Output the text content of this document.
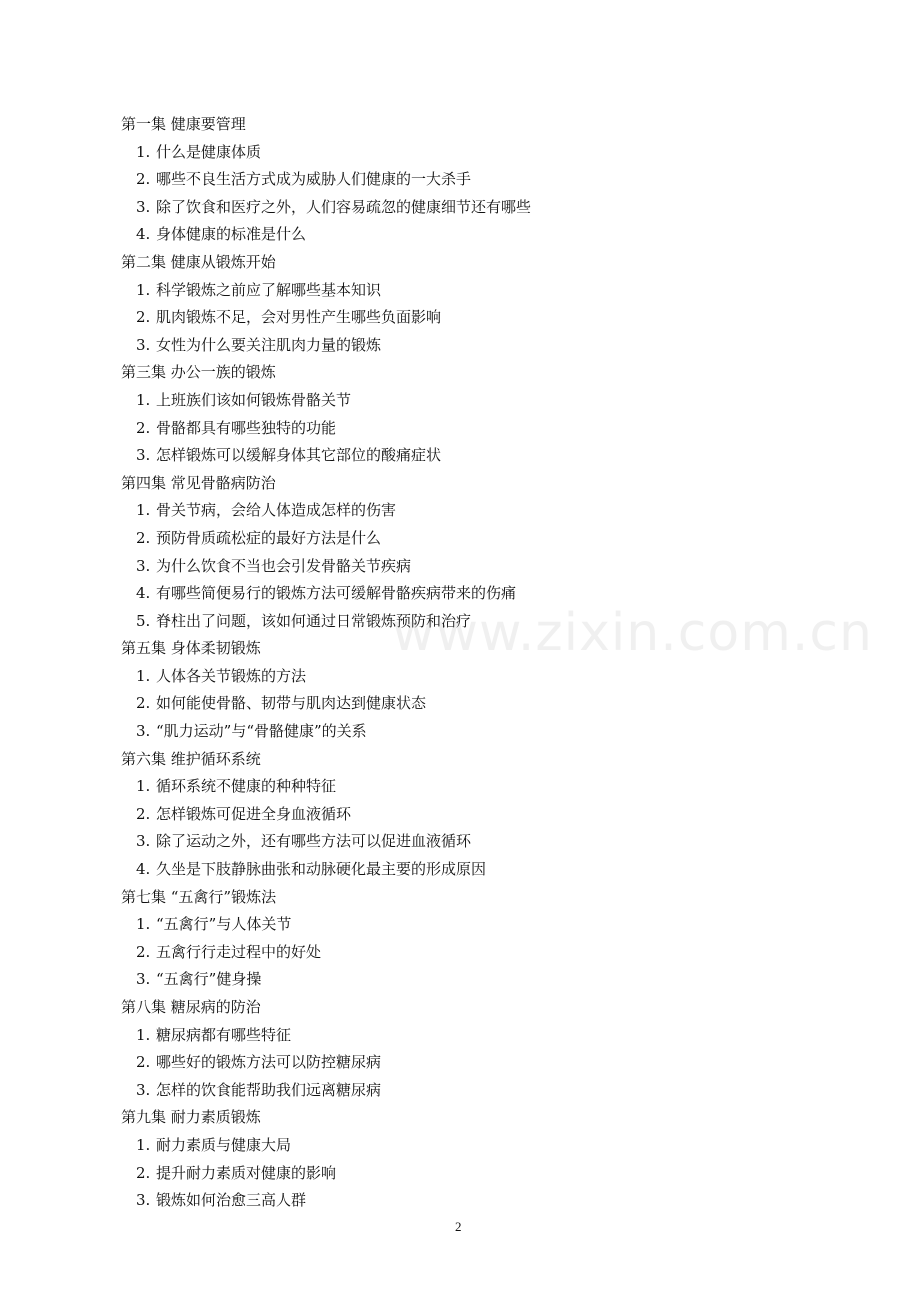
第一集 健康要管理
1. 什么是健康体质
2. 哪些不良生活方式成为威胁人们健康的一大杀手
3. 除了饮食和医疗之外，人们容易疏忽的健康细节还有哪些
4. 身体健康的标准是什么
第二集 健康从锻炼开始
1. 科学锻炼之前应了解哪些基本知识
2. 肌肉锻炼不足，会对男性产生哪些负面影响
3. 女性为什么要关注肌肉力量的锻炼
第三集 办公一族的锻炼
1. 上班族们该如何锻炼骨骼关节
2. 骨骼都具有哪些独特的功能
3. 怎样锻炼可以缓解身体其它部位的酸痛症状
第四集 常见骨骼病防治
1. 骨关节病，会给人体造成怎样的伤害
2. 预防骨质疏松症的最好方法是什么
3. 为什么饮食不当也会引发骨骼关节疾病
4. 有哪些简便易行的锻炼方法可缓解骨骼疾病带来的伤痛
5. 脊柱出了问题，该如何通过日常锻炼预防和治疗
第五集 身体柔韧锻炼
1. 人体各关节锻炼的方法
2. 如何能使骨骼、韧带与肌肉达到健康状态
3. “肌力运动”与“骨骼健康”的关系
第六集 维护循环系统
1. 循环系统不健康的种种特征
2. 怎样锻炼可促进全身血液循环
3. 除了运动之外，还有哪些方法可以促进血液循环
4. 久坐是下肢静脉曲张和动脉硬化最主要的形成原因
第七集 “五禽行”锻炼法
1. “五禽行”与人体关节
2. 五禽行行走过程中的好处
3. “五禽行”健身操
第八集 糖尿病的防治
1. 糖尿病都有哪些特征
2. 哪些好的锻炼方法可以防控糖尿病
3. 怎样的饮食能帮助我们远离糖尿病
第九集 耐力素质锻炼
1. 耐力素质与健康大局
2. 提升耐力素质对健康的影响
3. 锻炼如何治愈三高人群
www.zixin.com.cn
2
